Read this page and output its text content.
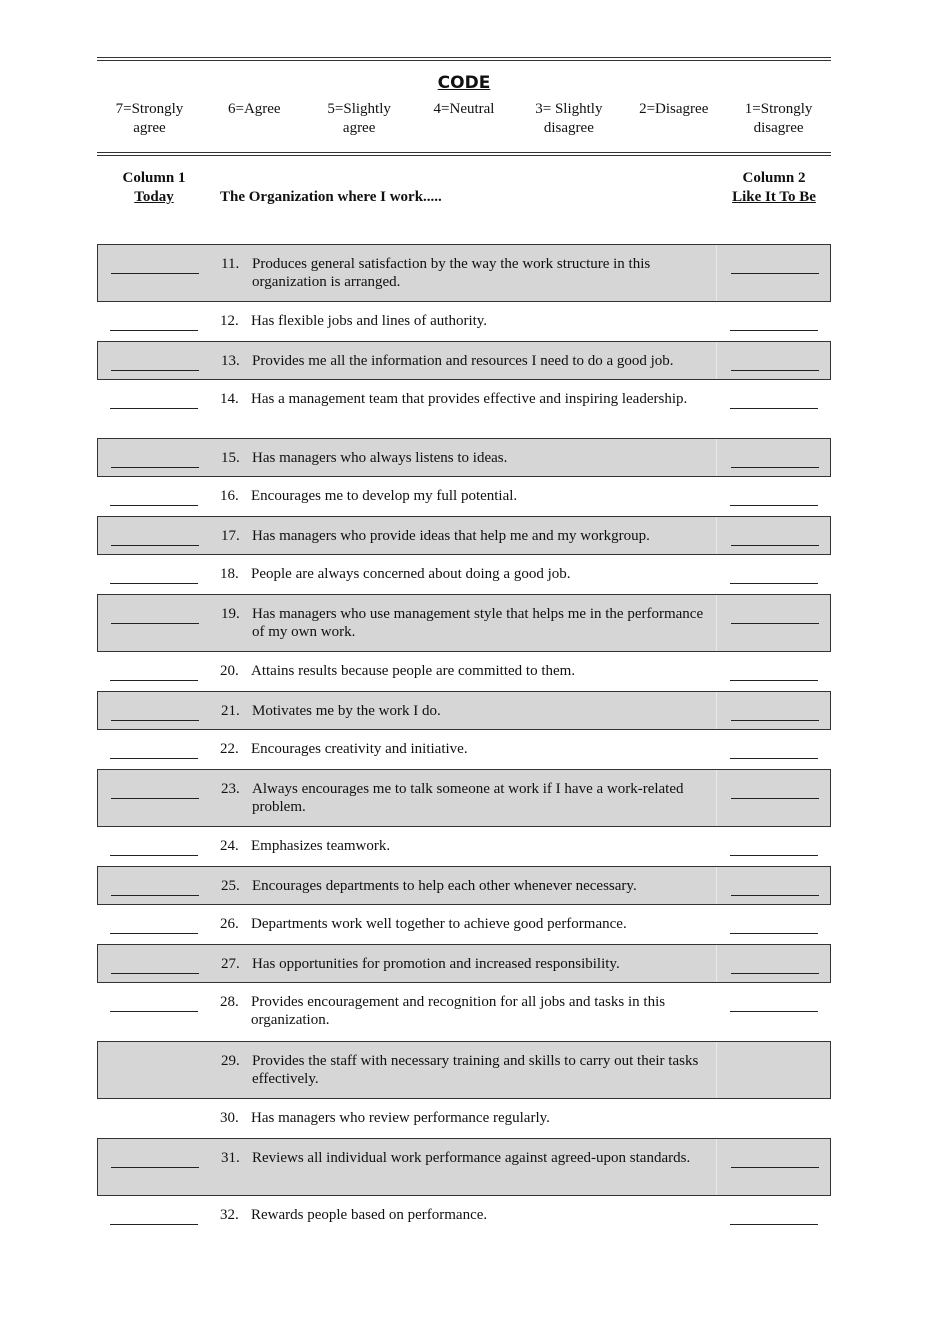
CODE
7=Strongly
agree
6=Agree	5=Slightly
agree
4=Neutral	3= Slightly
disagree
2=Disagree	1=Strongly
disagree
Column 1
Today	The Organization where I work.....
Column 2
Like It To Be
11. Produces general satisfaction by the way the work structure in this organization is arranged.
12. Has flexible jobs and lines of authority.
13. Provides me all the information and resources I need to do a good job.
14. Has a management team that provides effective and inspiring leadership.
15. Has managers who always listens to ideas.
16. Encourages me to develop my full potential.
17. Has managers who provide ideas that help me and my workgroup.
18. People are always concerned about doing a good job.
19. Has managers who use management style that helps me in the performance of my own work.
20. Attains results because people are committed to them.
21. Motivates me by the work I do.
22. Encourages creativity and initiative.
23. Always encourages me to talk someone at work if I have a work-related problem.
24. Emphasizes teamwork.
25. Encourages departments to help each other whenever necessary.
26. Departments work well together to achieve good performance.
27. Has opportunities for promotion and increased responsibility.
28. Provides encouragement and recognition for all jobs and tasks in this organization.
29. Provides the staff with necessary training and skills to carry out their tasks effectively.
30. Has managers who review performance regularly.
31. Reviews all individual work performance against agreed-upon standards.
32. Rewards people based on performance.
